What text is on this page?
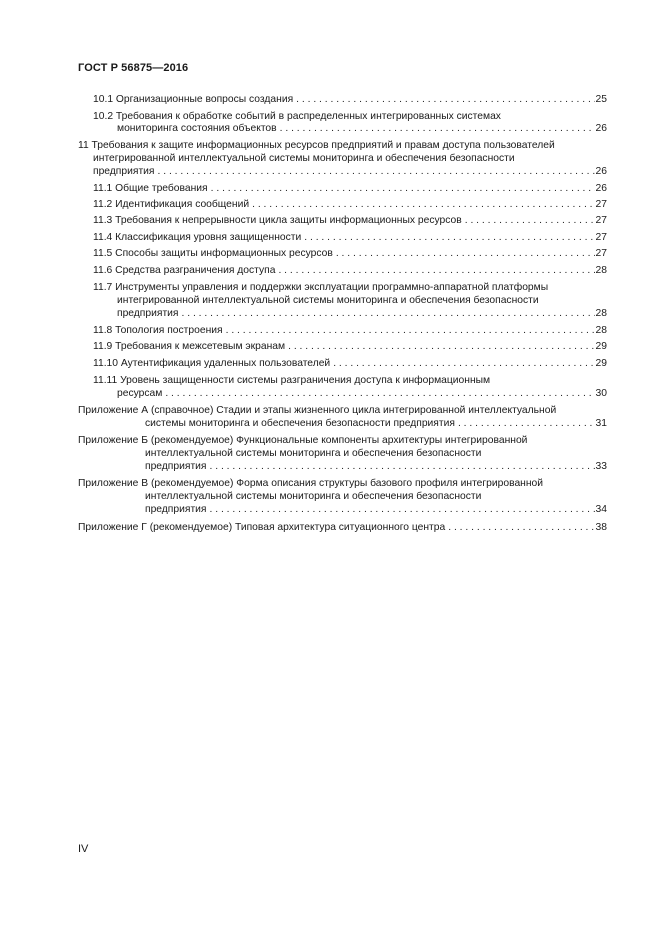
ГОСТ Р 56875—2016
10.1 Организационные вопросы создания . . .	25
10.2 Требования к обработке событий в распределенных интегрированных системах
мониторинга состояния объектов . . .	26
11 Требования к защите информационных ресурсов предприятий и правам доступа пользователей
интегрированной интеллектуальной системы мониторинга и обеспечения безопасности
предприятия . . .	26
11.1 Общие требования . . .	26
11.2 Идентификация сообщений . . .	27
11.3 Требования к непрерывности цикла защиты информационных ресурсов . . .	27
11.4 Классификация уровня защищенности . . .	27
11.5 Способы защиты информационных ресурсов . . .	27
11.6 Средства разграничения доступа . . .	28
11.7 Инструменты управления и поддержки эксплуатации программно-аппаратной платформы
интегрированной интеллектуальной системы мониторинга и обеспечения безопасности
предприятия . . .	28
11.8 Топология построения . . .	28
11.9 Требования к межсетевым экранам . . .	29
11.10 Аутентификация удаленных пользователей . . .	29
11.11 Уровень защищенности системы разграничения доступа к информационным
ресурсам . . .	30
Приложение А (справочное) Стадии и этапы жизненного цикла интегрированной интеллектуальной
системы мониторинга и обеспечения безопасности предприятия . . .	31
Приложение Б (рекомендуемое) Функциональные компоненты архитектуры интегрированной
интеллектуальной системы мониторинга и обеспечения безопасности
предприятия . . .	33
Приложение В (рекомендуемое) Форма описания структуры базового профиля интегрированной
интеллектуальной системы мониторинга и обеспечения безопасности
предприятия . . .	34
Приложение Г (рекомендуемое) Типовая архитектура ситуационного центра . . .	38
IV
